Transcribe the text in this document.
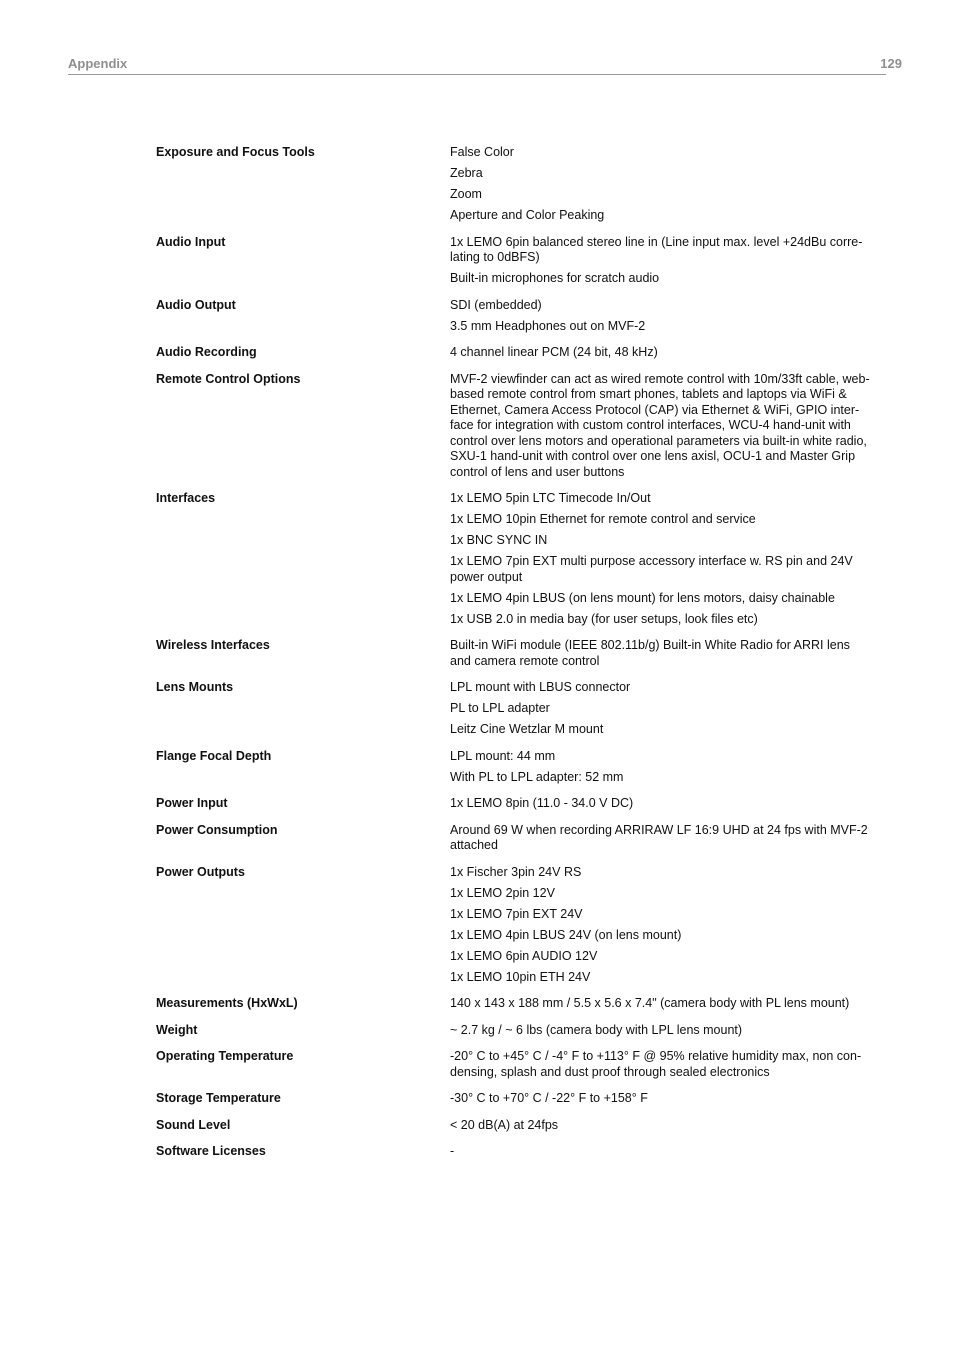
Appendix	129
Exposure and Focus Tools	False Color
Zebra
Zoom
Aperture and Color Peaking
Audio Input	1x LEMO 6pin balanced stereo line in (Line input max. level +24dBu corre-
lating to 0dBFS)
Built-in microphones for scratch audio
Audio Output	SDI (embedded)
3.5 mm Headphones out on MVF-2
Audio Recording	4 channel linear PCM (24 bit, 48 kHz)
Remote Control Options	MVF-2 viewfinder can act as wired remote control with 10m/33ft cable, web-
based remote control from smart phones, tablets and laptops via WiFi &
Ethernet, Camera Access Protocol (CAP) via Ethernet & WiFi, GPIO inter-
face for integration with custom control interfaces, WCU-4 hand-unit with
control over lens motors and operational parameters via built-in white radio,
SXU-1 hand-unit with control over one lens axisl, OCU-1 and Master Grip
control of lens and user buttons
Interfaces	1x LEMO 5pin LTC Timecode In/Out
1x LEMO 10pin Ethernet for remote control and service
1x BNC SYNC IN
1x LEMO 7pin EXT multi purpose accessory interface w. RS pin and 24V
power output
1x LEMO 4pin LBUS (on lens mount) for lens motors, daisy chainable
1x USB 2.0 in media bay (for user setups, look files etc)
Wireless Interfaces	Built-in WiFi module (IEEE 802.11b/g) Built-in White Radio for ARRI lens
and camera remote control
Lens Mounts	LPL mount with LBUS connector
PL to LPL adapter
Leitz Cine Wetzlar M mount
Flange Focal Depth	LPL mount: 44 mm
With PL to LPL adapter: 52 mm
Power Input	1x LEMO 8pin (11.0 - 34.0 V DC)
Power Consumption	Around 69 W when recording ARRIRAW LF 16:9 UHD at 24 fps with MVF-2
attached
Power Outputs	1x Fischer 3pin 24V RS
1x LEMO 2pin 12V
1x LEMO 7pin EXT 24V
1x LEMO 4pin LBUS 24V (on lens mount)
1x LEMO 6pin AUDIO 12V
1x LEMO 10pin ETH 24V
Measurements (HxWxL)	140 x 143 x 188 mm / 5.5 x 5.6 x 7.4" (camera body with PL lens mount)
Weight	~ 2.7 kg / ~ 6 lbs (camera body with LPL lens mount)
Operating Temperature	-20° C to +45° C / -4° F to +113° F @ 95% relative humidity max, non con-
densing, splash and dust proof through sealed electronics
Storage Temperature	-30° C to +70° C / -22° F to +158° F
Sound Level	< 20 dB(A) at 24fps
Software Licenses	-
